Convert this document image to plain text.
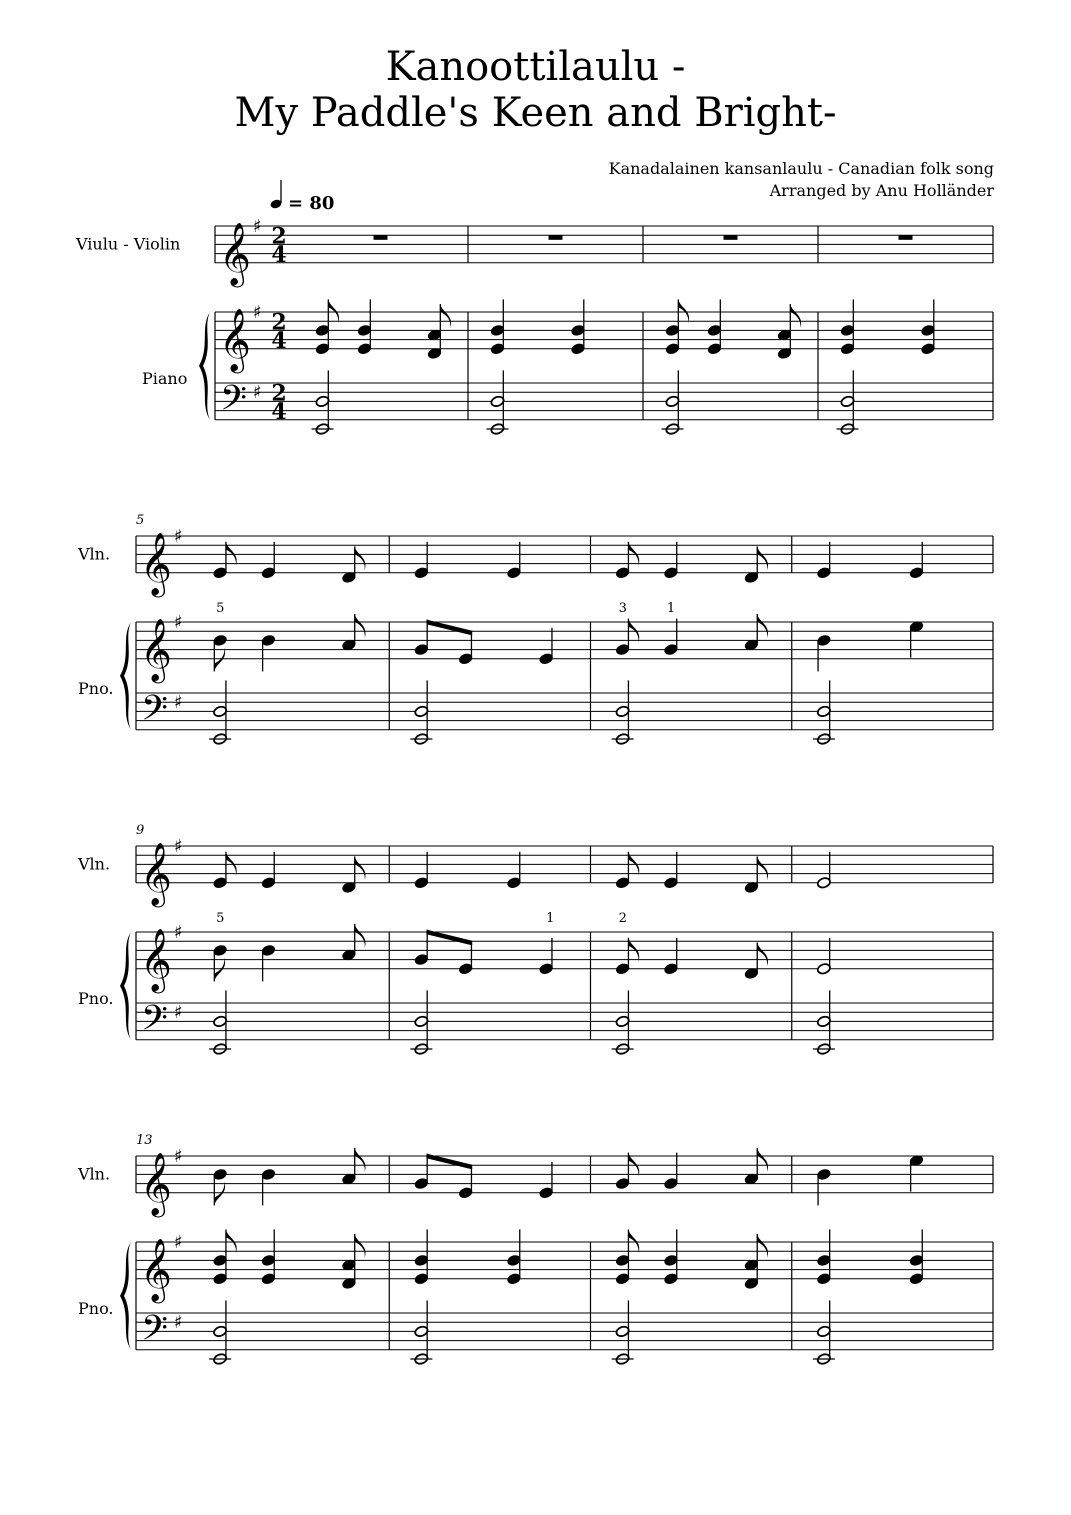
Kanoottilaulu -
My Paddle's Keen and Bright-
Kanadalainen kansanlaulu - Canadian folk song
Arranged by Anu Holländer
𝄞
𝄞
𝄢
♯
♯
♯
2
4
2
4
2
4
𝄞
𝄞
𝄢
♯
♯
♯
𝄞
𝄞
𝄢
♯
♯
♯
𝄞
𝄞
𝄢
♯
♯
♯
Viulu - Violin
Piano
5	3	1
5
Vln.
Pno.
5	1	2
9
Vln.
Pno.
13
Vln.
Pno.
= 80
